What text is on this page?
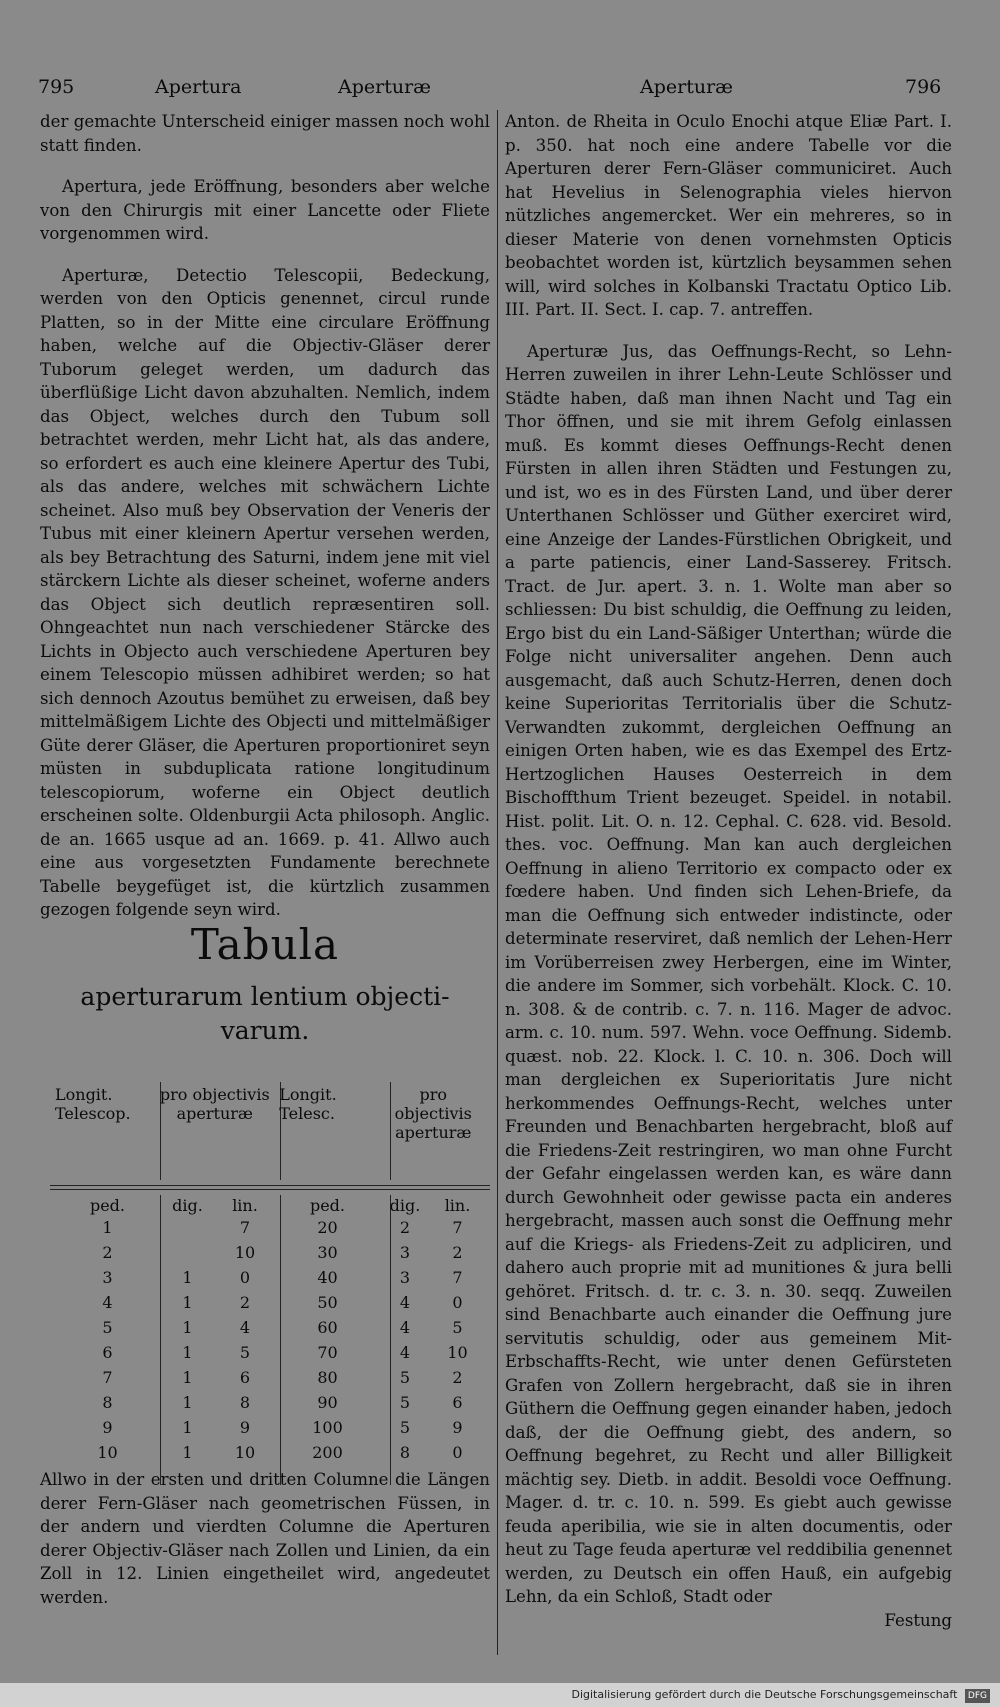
795	Apertura	Aperturæ	Aperturæ	796

der gemachte Unterscheid einiger massen noch wohl statt finden.

Apertura, jede Eröffnung, besonders aber welche von den Chirurgis mit einer Lancette oder Fliete vorgenommen wird.

Aperturæ, Detectio Telescopii, Bedeckung, werden von den Opticis genennet, circul runde Platten, so in der Mitte eine circulare Eröffnung haben, welche auf die Objectiv-Gläser derer Tuborum geleget werden, um dadurch das überflüßige Licht davon abzuhalten. Nemlich, indem das Object, welches durch den Tubum soll betrachtet werden, mehr Licht hat, als das andere, so erfordert es auch eine kleinere Apertur des Tubi, als das andere, welches mit schwächern Lichte scheinet. Also muß bey Observation der Veneris der Tubus mit einer kleinern Apertur versehen werden, als bey Betrachtung des Saturni, indem jene mit viel stärckern Lichte als dieser scheinet, woferne anders das Object sich deutlich repræsentiren soll. Ohngeachtet nun nach verschiedener Stärcke des Lichts in Objecto auch verschiedene Aperturen bey einem Telescopio müssen adhibiret werden; so hat sich dennoch Azoutus bemühet zu erweisen, daß bey mittelmäßigem Lichte des Objecti und mittelmäßiger Güte derer Gläser, die Aperturen proportioniret seyn müsten in subduplicata ratione longitudinum telescopiorum, woferne ein Object deutlich erscheinen solte. Oldenburgii Acta philosoph. Anglic. de an. 1665 usque ad an. 1669. p. 41. Allwo auch eine aus vorgesetzten Fundamente berechnete Tabelle beygefüget ist, die kürtzlich zusammen gezogen folgende seyn wird.

Tabula
aperturarum lentium objecti-
varum.
Longit. Telescop.	pro objectivis aperturæ	Longit. Telesc.	pro objectivis aperturæ
ped.	dig.	lin.	ped.	dig.	lin.
1		7	20	2	7
2		10	30	3	2
3	1	0	40	3	7
4	1	2	50	4	0
5	1	4	60	4	5
6	1	5	70	4	10
7	1	6	80	5	2
8	1	8	90	5	6
9	1	9	100	5	9
10	1	10	200	8	0

Allwo in der ersten und dritten Columne die Längen derer Fern-Gläser nach geometrischen Füssen, in der andern und vierdten Columne die Aperturen derer Objectiv-Gläser nach Zollen und Linien, da ein Zoll in 12. Linien eingetheilet wird, angedeutet werden.

Anton. de Rheita in Oculo Enochi atque Eliæ Part. I. p. 350. hat noch eine andere Tabelle vor die Aperturen derer Fern-Gläser communiciret. Auch hat Hevelius in Selenographia vieles hiervon nützliches angemercket. Wer ein mehreres, so in dieser Materie von denen vornehmsten Opticis beobachtet worden ist, kürtzlich beysammen sehen will, wird solches in Kolbanski Tractatu Optico Lib. III. Part. II. Sect. I. cap. 7. antreffen.

Aperturæ Jus, das Oeffnungs-Recht, so Lehn-Herren zuweilen in ihrer Lehn-Leute Schlösser und Städte haben, daß man ihnen Nacht und Tag ein Thor öffnen, und sie mit ihrem Gefolg einlassen muß. Es kommt dieses Oeffnungs-Recht denen Fürsten in allen ihren Städten und Festungen zu, und ist, wo es in des Fürsten Land, und über derer Unterthanen Schlösser und Güther exerciret wird, eine Anzeige der Landes-Fürstlichen Obrigkeit, und a parte patiencis, einer Land-Sasserey. Fritsch. Tract. de Jur. apert. 3. n. 1. Wolte man aber so schliessen: Du bist schuldig, die Oeffnung zu leiden, Ergo bist du ein Land-Säßiger Unterthan; würde die Folge nicht universaliter angehen. Denn auch ausgemacht, daß auch Schutz-Herren, denen doch keine Superioritas Territorialis über die Schutz-Verwandten zukommt, dergleichen Oeffnung an einigen Orten haben, wie es das Exempel des Ertz-Hertzoglichen Hauses Oesterreich in dem Bischoffthum Trient bezeuget. Speidel. in notabil. Hist. polit. Lit. O. n. 12. Cephal. C. 628. vid. Besold. thes. voc. Oeffnung. Man kan auch dergleichen Oeffnung in alieno Territorio ex compacto oder ex fœdere haben. Und finden sich Lehen-Briefe, da man die Oeffnung sich entweder indistincte, oder determinate reserviret, daß nemlich der Lehen-Herr im Vorüberreisen zwey Herbergen, eine im Winter, die andere im Sommer, sich vorbehält. Klock. C. 10. n. 308. & de contrib. c. 7. n. 116. Mager de advoc. arm. c. 10. num. 597. Wehn. voce Oeffnung. Sidemb. quæst. nob. 22. Klock. l. C. 10. n. 306. Doch will man dergleichen ex Superioritatis Jure nicht herkommendes Oeffnungs-Recht, welches unter Freunden und Benachbarten hergebracht, bloß auf die Friedens-Zeit restringiren, wo man ohne Furcht der Gefahr eingelassen werden kan, es wäre dann durch Gewohnheit oder gewisse pacta ein anderes hergebracht, massen auch sonst die Oeffnung mehr auf die Kriegs- als Friedens-Zeit zu adpliciren, und dahero auch proprie mit ad munitiones & jura belli gehöret. Fritsch. d. tr. c. 3. n. 30. seqq. Zuweilen sind Benachbarte auch einander die Oeffnung jure servitutis schuldig, oder aus gemeinem Mit-Erbschaffts-Recht, wie unter denen Gefürsteten Grafen von Zollern hergebracht, daß sie in ihren Güthern die Oeffnung gegen einander haben, jedoch daß, der die Oeffnung giebt, des andern, so Oeffnung begehret, zu Recht und aller Billigkeit mächtig sey. Dietb. in addit. Besoldi voce Oeffnung. Mager. d. tr. c. 10. n. 599. Es giebt auch gewisse feuda aperibilia, wie sie in alten documentis, oder heut zu Tage feuda aperturæ vel reddibilia genennet werden, zu Deutsch ein offen Hauß, ein aufgebig Lehn, da ein Schloß, Stadt oder

Festung

Digitalisierung gefördert durch die Deutsche Forschungsgemeinschaft DFG
